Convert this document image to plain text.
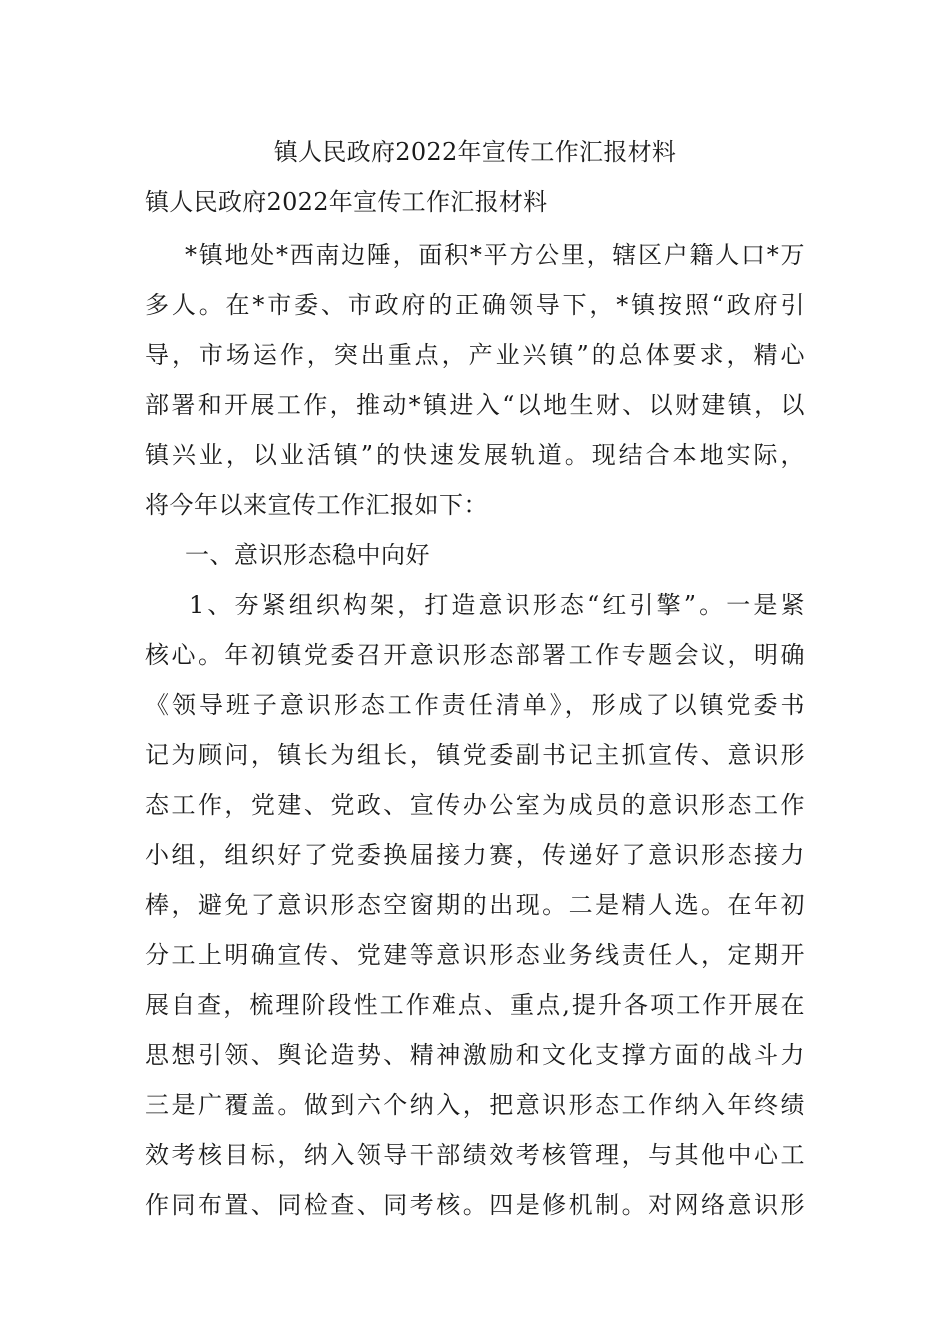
镇人民政府2022年宣传工作汇报材料
镇人民政府2022年宣传工作汇报材料
*镇地处*西南边陲，面积*平方公里，辖区户籍人口*万
多人。在*市委、市政府的正确领导下，*镇按照“政府引
导，市场运作，突出重点，产业兴镇”的总体要求，精心
部署和开展工作，推动*镇进入“以地生财、以财建镇，以
镇兴业，以业活镇”的快速发展轨道。现结合本地实际，
将今年以来宣传工作汇报如下：
一、意识形态稳中向好
1、夯紧组织构架，打造意识形态“红引擎”。一是紧
核心。年初镇党委召开意识形态部署工作专题会议，明确
《领导班子意识形态工作责任清单》，形成了以镇党委书
记为顾问，镇长为组长，镇党委副书记主抓宣传、意识形
态工作，党建、党政、宣传办公室为成员的意识形态工作
小组，组织好了党委换届接力赛，传递好了意识形态接力
棒，避免了意识形态空窗期的出现。二是精人选。在年初
分工上明确宣传、党建等意识形态业务线责任人，定期开
展自查，梳理阶段性工作难点、重点,提升各项工作开展在
思想引领、舆论造势、精神激励和文化支撑方面的战斗力
三是广覆盖。做到六个纳入，把意识形态工作纳入年终绩
效考核目标，纳入领导干部绩效考核管理，与其他中心工
作同布置、同检查、同考核。四是修机制。对网络意识形
